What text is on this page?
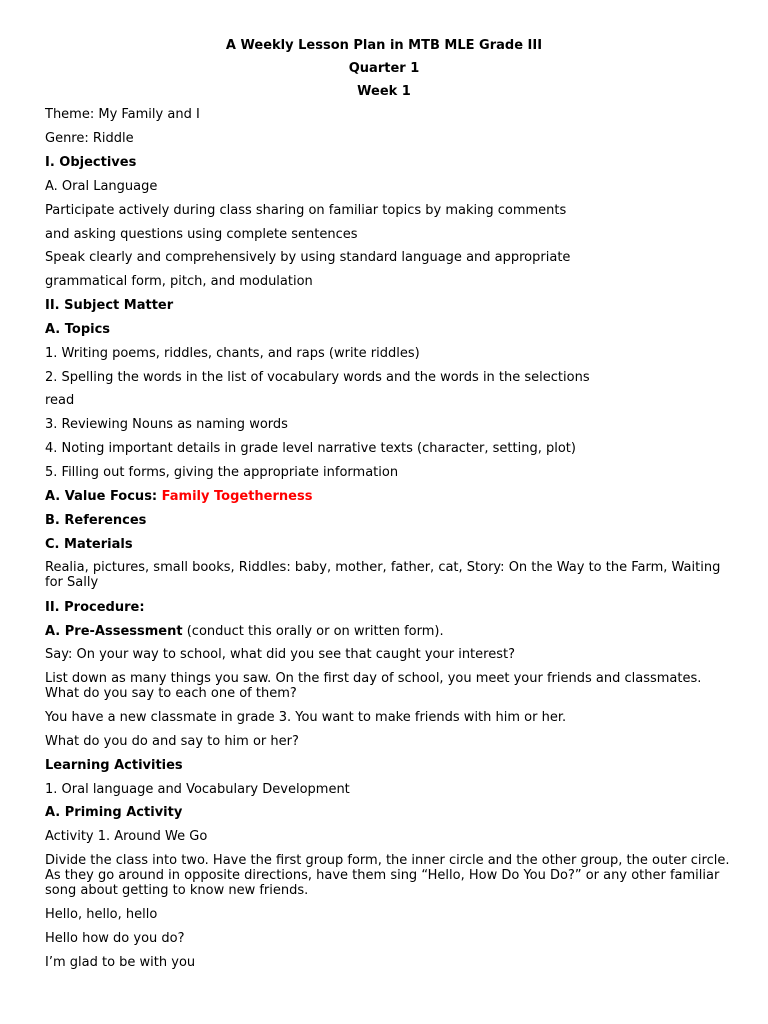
A Weekly Lesson Plan in MTB MLE Grade III
Quarter 1
Week 1
Theme: My Family and I
Genre: Riddle
I. Objectives
A. Oral Language
Participate actively during class sharing on familiar topics by making comments
and asking questions using complete sentences
Speak clearly and comprehensively by using standard language and appropriate
grammatical form, pitch, and modulation
II. Subject Matter
A. Topics
1. Writing poems, riddles, chants, and raps (write riddles)
2. Spelling the words in the list of vocabulary words and the words in the selections
read
3. Reviewing Nouns as naming words
4. Noting important details in grade level narrative texts (character, setting, plot)
5. Filling out forms, giving the appropriate information
A. Value Focus: Family Togetherness
B. References
C. Materials
Realia, pictures, small books, Riddles: baby, mother, father, cat, Story: On the Way to the Farm, Waiting for Sally
II. Procedure:
A. Pre-Assessment (conduct this orally or on written form).
Say: On your way to school, what did you see that caught your interest?
List down as many things you saw. On the first day of school, you meet your friends and classmates. What do you say to each one of them?
You have a new classmate in grade 3. You want to make friends with him or her.
What do you do and say to him or her?
Learning Activities
1. Oral language and Vocabulary Development
A. Priming Activity
Activity 1. Around We Go
Divide the class into two. Have the first group form, the inner circle and the other group, the outer circle. As they go around in opposite directions, have them sing “Hello, How Do You Do?” or any other familiar song about getting to know new friends.
Hello, hello, hello
Hello how do you do?
I’m glad to be with you
